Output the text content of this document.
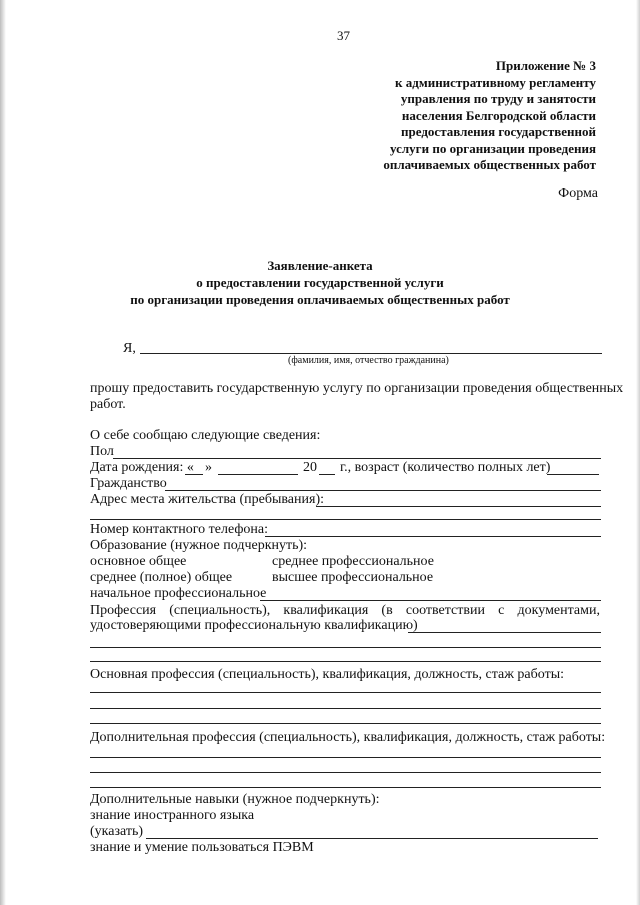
37
Приложение № 3
к административному регламенту
управления по труду и занятости
населения Белгородской области
предоставления государственной
услуги по организации проведения
оплачиваемых общественных работ
Форма
Заявление-анкета
о предоставлении государственной услуги
по организации проведения оплачиваемых общественных работ
Я,
(фамилия, имя, отчество гражданина)
прошу предоставить государственную услугу по организации проведения общественных
работ.
О себе сообщаю следующие сведения:
Пол
Дата рождения: « »	20 г., возраст (количество полных лет)
Гражданство
Адрес места жительства (пребывания):
Номер контактного телефона:
Образование (нужное подчеркнуть):
основное общее	среднее профессиональное
среднее (полное) общее	высшее профессиональное
начальное профессиональное
Профессия (специальность), квалификация (в соответствии с документами,
удостоверяющими профессиональную квалификацию)
Основная профессия (специальность), квалификация, должность, стаж работы:
Дополнительная профессия (специальность), квалификация, должность, стаж работы:
Дополнительные навыки (нужное подчеркнуть):
знание иностранного языка
(указать)
знание и умение пользоваться ПЭВМ
